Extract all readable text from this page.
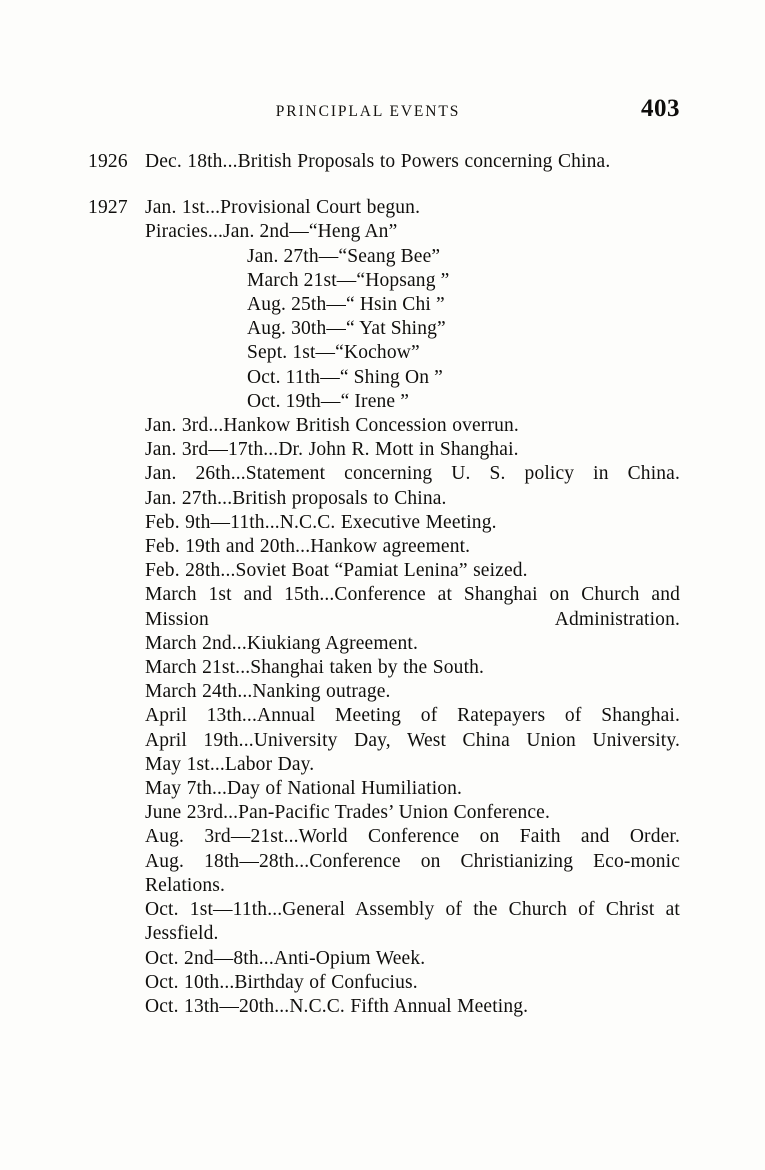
PRINCIPLAL EVENTS	403
1926 Dec. 18th...British Proposals to Powers concerning China.

1927 Jan. 1st...Provisional Court begun.

Piracies...Jan. 2nd—“Heng An”
Jan. 27th—“Seang Bee”
March 21st—“Hopsang ”
Aug. 25th—“ Hsin Chi ”
Aug. 30th—“ Yat Shing”
Sept. 1st—“Kochow”
Oct. 11th—“ Shing On ”
Oct. 19th—“ Irene ”

Jan. 3rd...Hankow British Concession overrun.

Jan. 3rd—17th...Dr. John R. Mott in Shanghai.

Jan. 26th...Statement concerning U. S. policy in China.

Jan. 27th...British proposals to China.

Feb. 9th—11th...N.C.C. Executive Meeting.

Feb. 19th and 20th...Hankow agreement.

Feb. 28th...Soviet Boat “Pamiat Lenina” seized.

March 1st and 15th...Conference at Shanghai on Church and Mission Administration.

March 2nd...Kiukiang Agreement.

March 21st...Shanghai taken by the South.

March 24th...Nanking outrage.

April 13th...Annual Meeting of Ratepayers of Shanghai.

April 19th...University Day, West China Union University.

May 1st...Labor Day.

May 7th...Day of National Humiliation.

June 23rd...Pan-Pacific Trades’ Union Conference.

Aug. 3rd—21st...World Conference on Faith and Order.

Aug. 18th—28th...Conference on Christianizing Eco-monic Relations.

Oct. 1st—11th...General Assembly of the Church of Christ at Jessfield.

Oct. 2nd—8th...Anti-Opium Week.

Oct. 10th...Birthday of Confucius.

Oct. 13th—20th...N.C.C. Fifth Annual Meeting.
